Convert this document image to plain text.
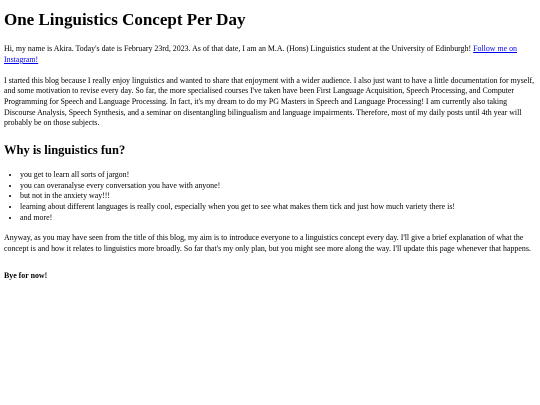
One Linguistics Concept Per Day

Hi, my name is Akira. Today's date is February 23rd, 2023. As of that date, I am an M.A. (Hons) Linguistics student at the University of Edinburgh! Follow me on Instagram!

I started this blog because I really enjoy linguistics and wanted to share that enjoyment with a wider audience. I also just want to have a little documentation for myself, and some motivation to revise every day. So far, the more specialised courses I've taken have been First Language Acquisition, Speech Processing, and Computer Programming for Speech and Language Processing. In fact, it's my dream to do my PG Masters in Speech and Language Processing! I am currently also taking Discourse Analysis, Speech Synthesis, and a seminar on disentangling bilingualism and language impairments. Therefore, most of my daily posts until 4th year will probably be on those subjects.

Why is linguistics fun?
• you get to learn all sorts of jargon!
• you can overanalyse every conversation you have with anyone!
• but not in the anxiety way!!!
• learning about different languages is really cool, especially when you get to see what makes them tick and just how much variety there is!
• and more!

Anyway, as you may have seen from the title of this blog, my aim is to introduce everyone to a linguistics concept every day. I'll give a brief explanation of what the concept is and how it relates to linguistics more broadly. So far that's my only plan, but you might see more along the way. I'll update this page whenever that happens.

Bye for now!
